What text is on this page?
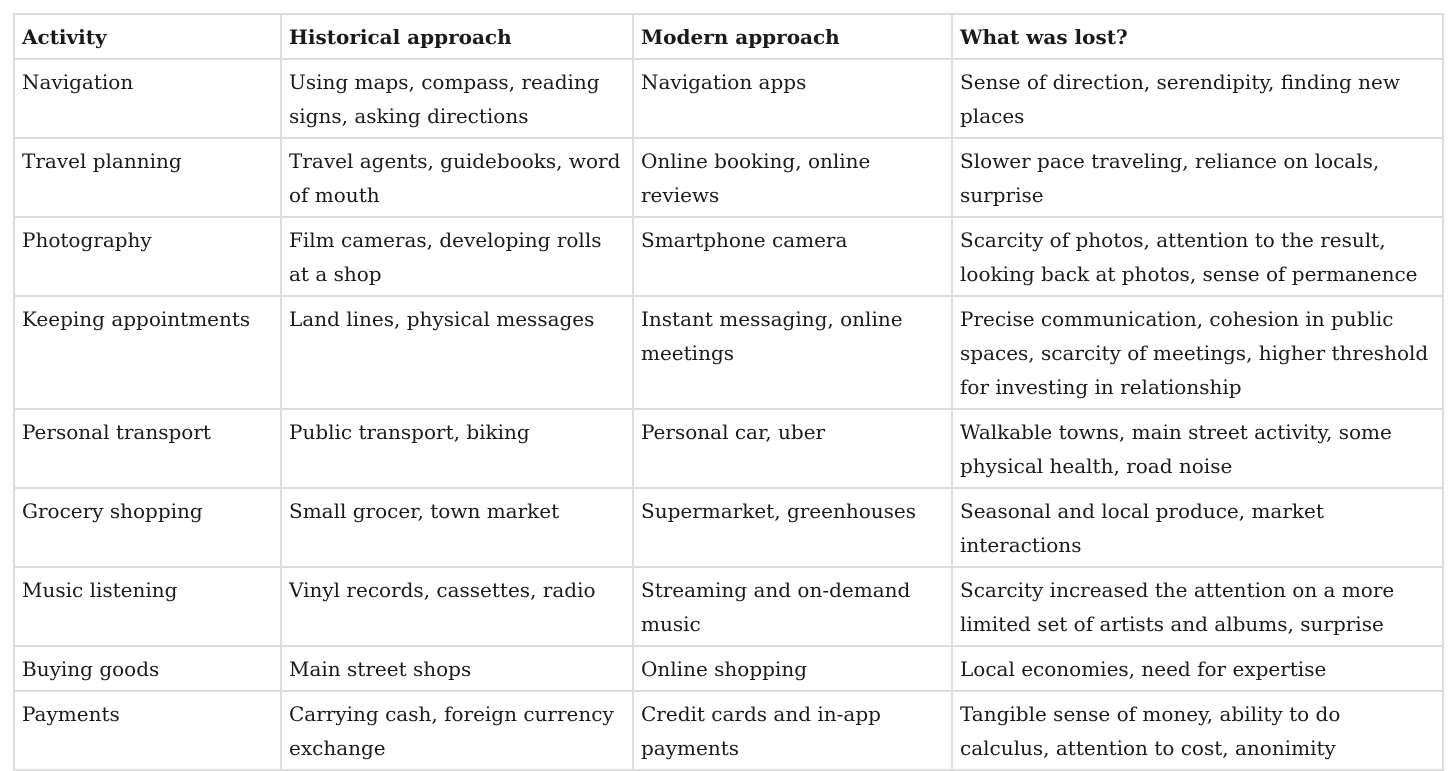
Activity	Historical approach	Modern approach	What was lost?
Navigation	Using maps, compass, reading signs, asking directions	Navigation apps	Sense of direction, serendipity, finding new places
Travel planning	Travel agents, guidebooks, word of mouth	Online booking, online reviews	Slower pace traveling, reliance on locals, surprise
Photography	Film cameras, developing rolls at a shop	Smartphone camera	Scarcity of photos, attention to the result, looking back at photos, sense of permanence
Keeping appointments	Land lines, physical messages	Instant messaging, online meetings	Precise communication, cohesion in public spaces, scarcity of meetings, higher threshold for investing in relationship
Personal transport	Public transport, biking	Personal car, uber	Walkable towns, main street activity, some physical health, road noise
Grocery shopping	Small grocer, town market	Supermarket, greenhouses	Seasonal and local produce, market interactions
Music listening	Vinyl records, cassettes, radio	Streaming and on-demand music	Scarcity increased the attention on a more limited set of artists and albums, surprise
Buying goods	Main street shops	Online shopping	Local economies, need for expertise
Payments	Carrying cash, foreign currency exchange	Credit cards and in-app payments	Tangible sense of money, ability to do calculus, attention to cost, anonimity
